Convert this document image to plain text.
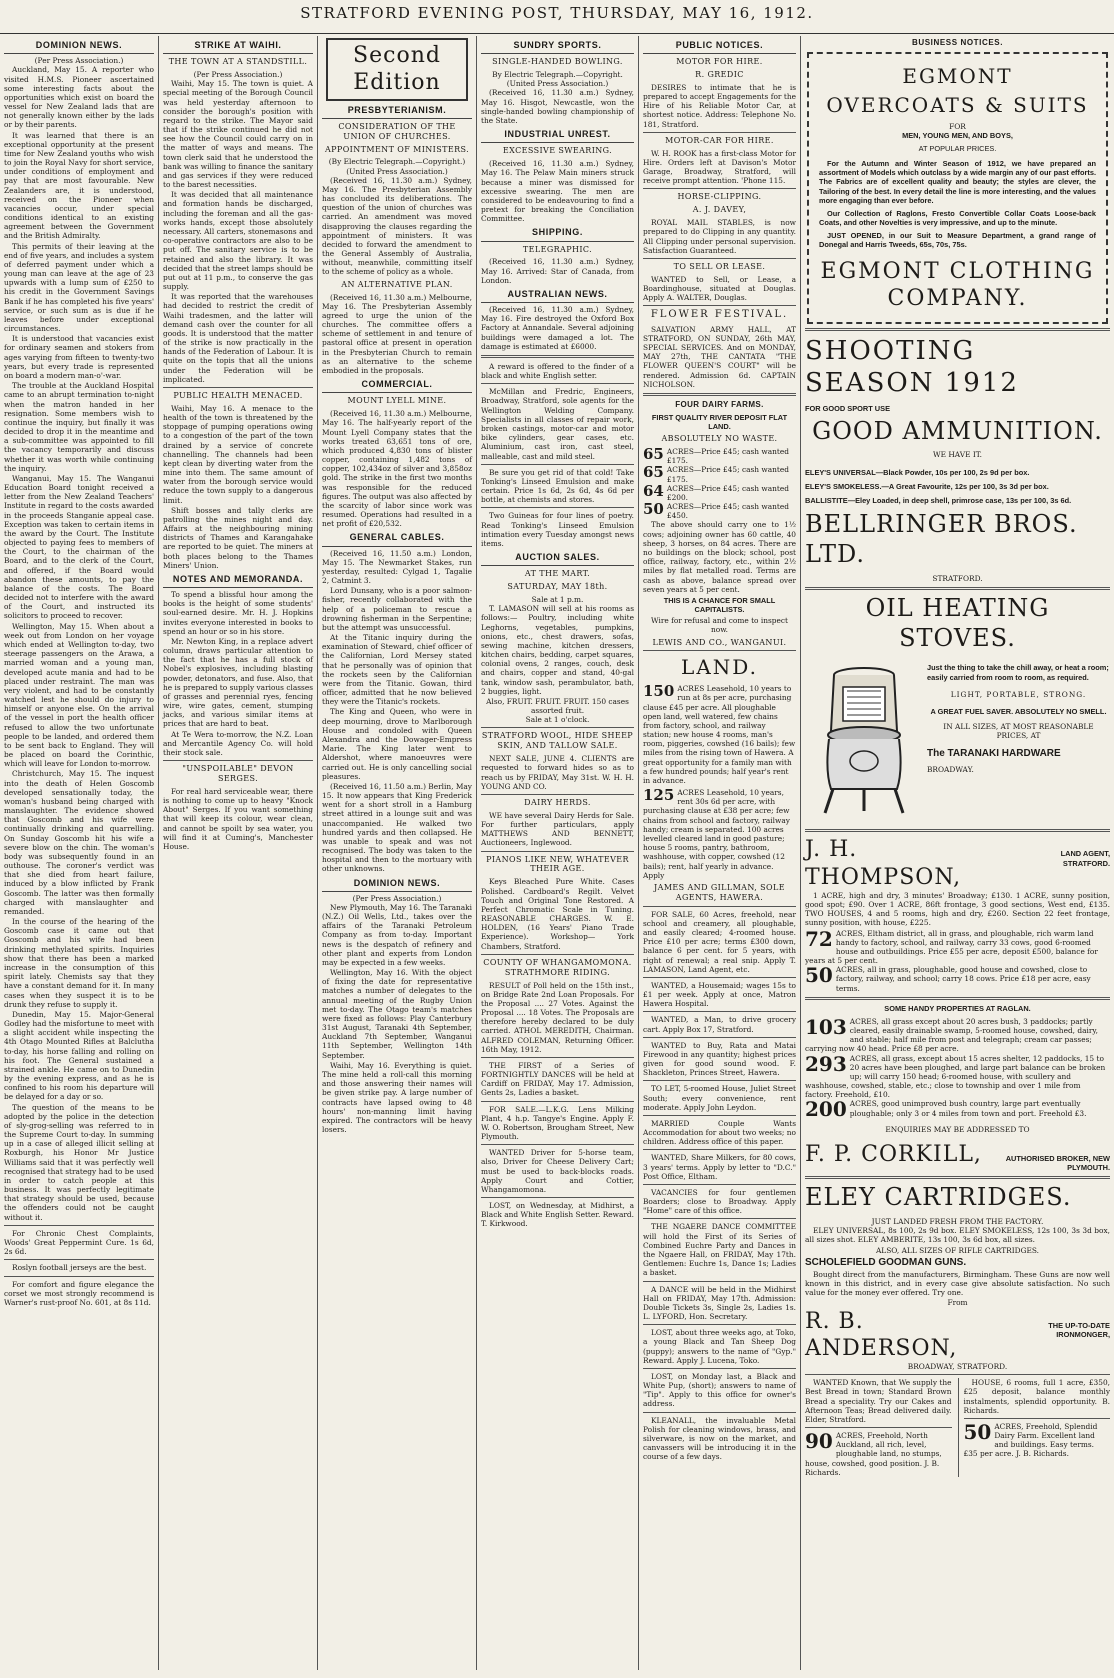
STRATFORD EVENING POST, THURSDAY, MAY 16, 1912.
DOMINION NEWS.
(Per Press Association.)

Auckland, May 15. A reporter who visited H.M.S. Pioneer ascertained some interesting facts about the opportunities which exist on board the vessel for New Zealand lads that are not generally known either by the lads or by their parents.

It was learned that there is an exceptional opportunity at the present time for New Zealand youths who wish to join the Royal Navy for short service, under conditions of employment and pay that are most favourable. New Zealanders are, it is understood, received on the Pioneer when vacancies occur, under special conditions identical to an existing agreement between the Government and the British Admiralty.

This permits of their leaving at the end of five years, and includes a system of deferred payment under which a young man can leave at the age of 23 upwards with a lump sum of £250 to his credit in the Government Savings Bank if he has completed his five years' service, or such sum as is due if he leaves before under exceptional circumstances.

It is understood that vacancies exist for ordinary seamen and stokers from ages varying from fifteen to twenty-two years, but every trade is represented on board a modern man-o'-war.

The trouble at the Auckland Hospital came to an abrupt termination to-night when the matron handed in her resignation. Some members wish to continue the inquiry, but finally it was decided to drop it in the meantime and a sub-committee was appointed to fill the vacancy temporarily and discuss whether it was worth while continuing the inquiry.

Wanganui, May 15. The Wanganui Education Board tonight received a letter from the New Zealand Teachers' Institute in regard to the costs awarded in the proceeds Stanganie appeal case. Exception was taken to certain items in the award by the Court. The Institute objected to paying fees to members of the Court, to the chairman of the Board, and to the clerk of the Court, and offered, if the Board would abandon these amounts, to pay the balance of the costs. The Board decided not to interfere with the award of the Court, and instructed its solicitors to proceed to recover.

Wellington, May 15. When about a week out from London on her voyage which ended at Wellington to-day, two steerage passengers on the Arawa, a married woman and a young man, developed acute mania and had to be placed under restraint. The man was very violent, and had to be constantly watched lest he should do injury to himself or anyone else. On the arrival of the vessel in port the health officer refused to allow the two unfortunate people to be landed, and ordered them to be sent back to England. They will be placed on board the Corinthic, which will leave for London to-morrow.

Christchurch, May 15. The inquest into the death of Helen Goscomb developed sensationally today, the woman's husband being charged with manslaughter. The evidence showed that Goscomb and his wife were continually drinking and quarrelling. On Sunday Goscomb hit his wife a severe blow on the chin. The woman's body was subsequently found in an outhouse. The coroner's verdict was that she died from heart failure, induced by a blow inflicted by Frank Goscomb. The latter was then formally charged with manslaughter and remanded.

In the course of the hearing of the Goscomb case it came out that Goscomb and his wife had been drinking methylated spirits. Inquiries show that there has been a marked increase in the consumption of this spirit lately. Chemists say that they have a constant demand for it. In many cases when they suspect it is to be drunk they refuse to supply it.

Dunedin, May 15. Major-General Godley had the misfortune to meet with a slight accident while inspecting the 4th Otago Mounted Rifles at Balclutha to-day, his horse falling and rolling on his foot. The General sustained a strained ankle. He came on to Dunedin by the evening express, and as he is confined to his room his departure will be delayed for a day or so.

The question of the means to be adopted by the police in the detection of sly-grog-selling was referred to in the Supreme Court to-day. In summing up in a case of alleged illicit selling at Roxburgh, his Honor Mr Justice Williams said that it was perfectly well recognised that strategy had to be used in order to catch people at this business. It was perfectly legitimate that strategy should be used, because the offenders could not be caught without it.

For Chronic Chest Complaints, Woods' Great Peppermint Cure. 1s 6d, 2s 6d.

Roslyn football jerseys are the best.

For comfort and figure elegance the corset we most strongly recommend is Warner's rust-proof No. 601, at 8s 11d.

STRIKE AT WAIHI.
THE TOWN AT A STANDSTILL.
(Per Press Association.)

Waihi, May 15. The town is quiet. A special meeting of the Borough Council was held yesterday afternoon to consider the borough's position with regard to the strike. The Mayor said that if the strike continued he did not see how the Council could carry on in the matter of ways and means. The town clerk said that he understood the bank was willing to finance the sanitary and gas services if they were reduced to the barest necessities.

It was decided that all maintenance and formation hands be discharged, including the foreman and all the gas-works hands, except those absolutely necessary. All carters, stonemasons and co-operative contractors are also to be put off. The sanitary service is to be retained and also the library. It was decided that the street lamps should be put out at 11 p.m., to conserve the gas supply.

It was reported that the warehouses had decided to restrict the credit of Waihi tradesmen, and the latter will demand cash over the counter for all goods. It is understood that the matter of the strike is now practically in the hands of the Federation of Labour. It is quite on the topis that all the unions under the Federation will be implicated.

PUBLIC HEALTH MENACED.

Waihi, May 16. A menace to the health of the town is threatened by the stoppage of pumping operations owing to a congestion of the part of the town drained by a service of concrete channelling. The channels had been kept clean by diverting water from the mine into them. The same amount of water from the borough service would reduce the town supply to a dangerous limit.

Shift bosses and tally clerks are patrolling the mines night and day. Affairs at the neighbouring mining districts of Thames and Karangahake are reported to be quiet. The miners at both places belong to the Thames Miners' Union.

NOTES AND MEMORANDA.

To spend a blissful hour among the books is the height of some students' soul-earned desire. Mr. H. J. Hopkins invites everyone interested in books to spend an hour or so in his store.

Mr. Newton King, in a replace advert column, draws particular attention to the fact that he has a full stock of Nobel's explosives, including blasting powder, detonators, and fuse. Also, that he is prepared to supply various classes of grasses and perennial ryes, fencing wire, wire gates, cement, stumping jacks, and various similar items at prices that are hard to beat.

At Te Wera to-morrow, the N.Z. Loan and Mercantile Agency Co. will hold their stock sale.

"UNSPOILABLE" DEVON SERGES.

For real hard serviceable wear, there is nothing to come up to heavy "Knock About" Serges. If you want something that will keep its colour, wear clean, and cannot be spoilt by sea water, you will find it at Cuming's, Manchester House.

Second Edition
PRESBYTERIANISM.
CONSIDERATION OF THE UNION OF CHURCHES.
APPOINTMENT OF MINISTERS.
(By Electric Telegraph.—Copyright.) (United Press Association.)

(Received 16, 11.30 a.m.) Sydney, May 16. The Presbyterian Assembly has concluded its deliberations. The question of the union of churches was carried. An amendment was moved disapproving the clauses regarding the appointment of ministers. It was decided to forward the amendment to the General Assembly of Australia, without, meanwhile, committing itself to the scheme of policy as a whole.

AN ALTERNATIVE PLAN.

(Received 16, 11.30 a.m.) Melbourne, May 16. The Presbyterian Assembly agreed to urge the union of the churches. The committee offers a scheme of settlement in and tenure of pastoral office at present in operation in the Presbyterian Church to remain as an alternative to the scheme embodied in the proposals.

COMMERCIAL.
MOUNT LYELL MINE.

(Received 16, 11.30 a.m.) Melbourne, May 16. The half-yearly report of the Mount Lyell Company states that the works treated 63,651 tons of ore, which produced 4,830 tons of blister copper, containing 1,482 tons of copper, 102,434oz of silver and 3,858oz gold. The strike in the first two months was responsible for the reduced figures. The output was also affected by the scarcity of labor since work was resumed. Operations had resulted in a net profit of £20,532.

GENERAL CABLES.

(Received 16, 11.50 a.m.) London, May 15. The Newmarket Stakes, run yesterday, resulted: Cylgad 1, Tagalie 2, Catmint 3.

Lord Dunsany, who is a poor salmon-fisher, recently collaborated with the help of a policeman to rescue a drowning fisherman in the Serpentine; but the attempt was unsuccessful.

At the Titanic inquiry during the examination of Steward, chief officer of the Californian, Lord Mersey stated that he personally was of opinion that the rockets seen by the Californian were from the Titanic. Gowan, third officer, admitted that he now believed they were the Titanic's rockets.

The King and Queen, who were in deep mourning, drove to Marlborough House and condoled with Queen Alexandra and the Dowager-Empress Marie. The King later went to Aldershot, where manoeuvres were carried out. He is only cancelling social pleasures.

(Received 16, 11.50 a.m.) Berlin, May 15. It now appears that King Frederick went for a short stroll in a Hamburg street attired in a lounge suit and was unaccompanied. He walked two hundred yards and then collapsed. He was unable to speak and was not recognised. The body was taken to the hospital and then to the mortuary with other unknowns.

DOMINION NEWS.
(Per Press Association.)

New Plymouth, May 16. The Taranaki (N.Z.) Oil Wells, Ltd., takes over the affairs of the Taranaki Petroleum Company as from to-day. Important news is the despatch of refinery and other plant and experts from London may be expected in a few weeks.

Wellington, May 16. With the object of fixing the date for representative matches a number of delegates to the annual meeting of the Rugby Union met to-day. The Otago team's matches were fixed as follows: Play Canterbury 31st August, Taranaki 4th September, Auckland 7th September, Wanganui 11th September, Wellington 14th September.

Waihi, May 16. Everything is quiet. The mine held a roll-call this morning and those answering their names will be given strike pay. A large number of contracts have lapsed owing to 48 hours' non-manning limit having expired. The contractors will be heavy losers.

SUNDRY SPORTS.
SINGLE-HANDED BOWLING.
By Electric Telegraph.—Copyright. (United Press Association.)

(Received 16, 11.30 a.m.) Sydney, May 16. Hisgot, Newcastle, won the single-handed bowling championship of the State.

INDUSTRIAL UNREST.
EXCESSIVE SWEARING.

(Received 16, 11.30 a.m.) Sydney, May 16. The Pelaw Main miners struck because a miner was dismissed for excessive swearing. The men are considered to be endeavouring to find a pretext for breaking the Conciliation Committee.

SHIPPING.
TELEGRAPHIC.

(Received 16, 11.30 a.m.) Sydney, May 16. Arrived: Star of Canada, from London.

AUSTRALIAN NEWS.

(Received 16, 11.30 a.m.) Sydney, May 16. Fire destroyed the Oxford Box Factory at Annandale. Several adjoining buildings were damaged a lot. The damage is estimated at £6000.

A reward is offered to the finder of a black and white English setter.

McMillan and Fredric, Engineers, Broadway, Stratford, sole agents for the Wellington Welding Company. Specialists in all classes of repair work, broken castings, motor-car and motor bike cylinders, gear cases, etc. Aluminium, cast iron, cast steel, malleable, cast and mild steel.

Be sure you get rid of that cold! Take Tonking's Linseed Emulsion and make certain. Price 1s 6d, 2s 6d, 4s 6d per bottle, at chemists and stores.

Two Guineas for four lines of poetry. Read Tonking's Linseed Emulsion intimation every Tuesday amongst news items.

AUCTION SALES.
AT THE MART.
SATURDAY, MAY 18th.
Sale at 1 p.m.

T. LAMASON will sell at his rooms as follows:— Poultry, including white Leghorns, vegetables, pumpkins, onions, etc., chest drawers, sofas, sewing machine, kitchen dressers, kitchen chairs, bedding, carpet squares, colonial ovens, 2 ranges, couch, desk and chairs, copper and stand, 40-gal tank, window sash, perambulator, bath, 2 buggies, light.

Also, FRUIT. FRUIT. FRUIT. 150 cases assorted fruit.
Sale at 1 o'clock.
STRATFORD WOOL, HIDE SHEEP SKIN, AND TALLOW SALE.

NEXT SALE, JUNE 4. CLIENTS are requested to forward hides so as to reach us by FRIDAY, May 31st. W. H. H. YOUNG AND CO.

DAIRY HERDS.

WE have several Dairy Herds for Sale. For further particulars, apply MATTHEWS AND BENNETT, Auctioneers, Inglewood.

PIANOS LIKE NEW, WHATEVER THEIR AGE.

Keys Bleached Pure White. Cases Polished. Cardboard's Regilt. Velvet Touch and Original Tone Restored. A Perfect Chromatic Scale in Tuning. REASONABLE CHARGES. W. E. HOLDEN, (16 Years' Piano Trade Experience). Workshop— York Chambers, Stratford.

COUNTY OF WHANGAMOMONA. STRATHMORE RIDING.

RESULT of Poll held on the 15th inst., on Bridge Rate 2nd Loan Proposals. For the Proposal .... 27 Votes. Against the Proposal .... 18 Votes. The Proposals are therefore hereby declared to be duly carried. ATHOL MEREDITH, Chairman. ALFRED COLEMAN, Returning Officer. 16th May, 1912.

THE FIRST of a Series of FORTNIGHTLY DANCES will be held at Cardiff on FRIDAY, May 17. Admission, Gents 2s, Ladies a basket.

FOR SALE.—L.K.G. Lens Milking Plant, 4 h.p. Tangye's Engine. Apply F. W. O. Robertson, Brougham Street, New Plymouth.

WANTED Driver for 5-horse team, also, Driver for Cheese Delivery Cart; must be used to back-blocks roads. Apply Court and Cottier, Whangamomona.

LOST, on Wednesday, at Midhirst, a Black and White English Setter. Reward. T. Kirkwood.

PUBLIC NOTICES.
MOTOR FOR HIRE.
R. GREDIC

DESIRES to intimate that he is prepared to accept Engagements for the Hire of his Reliable Motor Car, at shortest notice. Address: Telephone No. 181, Stratford.

MOTOR-CAR FOR HIRE.

W. H. ROOK has a first-class Motor for Hire. Orders left at Davison's Motor Garage, Broadway, Stratford, will receive prompt attention. 'Phone 115.

HORSE-CLIPPING.
A. J. DAVEY,

ROYAL MAIL STABLES, is now prepared to do Clipping in any quantity. All Clipping under personal supervision. Satisfaction Guaranteed.

TO SELL OR LEASE.

WANTED to Sell, or Lease, a Boardinghouse, situated at Douglas. Apply A. WALTER, Douglas.

FLOWER FESTIVAL.

SALVATION ARMY HALL, AT STRATFORD, ON SUNDAY, 26th MAY, SPECIAL SERVICES. And on MONDAY, MAY 27th, THE CANTATA "THE FLOWER QUEEN'S COURT" will be rendered. Admission 6d. CAPTAIN NICHOLSON.

FOUR DAIRY FARMS.
FIRST QUALITY RIVER DEPOSIT FLAT LAND.
ABSOLUTELY NO WASTE.
65 ACRES—Price £45; cash wanted £175.
65 ACRES—Price £45; cash wanted £175.
64 ACRES—Price £45; cash wanted £200.
50 ACRES—Price £45; cash wanted £450.

The above should carry one to 1½ cows; adjoining owner has 60 cattle, 40 sheep, 3 horses, on 84 acres. There are no buildings on the block; school, post office, railway, factory, etc., within 2½ miles by flat metalled road. Terms are cash as above, balance spread over seven years at 5 per cent.

THIS IS A CHANCE FOR SMALL CAPITALISTS.
Wire for refusal and come to inspect now.
LEWIS AND CO., WANGANUI.
LAND.
150 ACRES Leasehold, 10 years to run at 8s per acre, purchasing clause £45 per acre. All ploughable open land, well watered, few chains from factory, school, and railway station; new house 4 rooms, man's room, piggeries, cowshed (16 bails); few miles from the rising town of Hawera. A great opportunity for a family man with a few hundred pounds; half year's rent in advance.
125 ACRES Leasehold, 10 years, rent 30s 6d per acre, with purchasing clause at £38 per acre; few chains from school and factory, railway handy; cream is separated. 100 acres levelled cleared land in good pasture; house 5 rooms, pantry, bathroom, washhouse, with copper, cowshed (12 bails); rent, half yearly in advance. Apply
JAMES AND GILLMAN, SOLE AGENTS, HAWERA.

FOR SALE, 60 Acres, freehold, near school and creamery, all ploughable, and easily cleared; 4-roomed house. Price £10 per acre; terms £300 down, balance 6 per cent. for 5 years, with right of renewal; a real snip. Apply T. LAMASON, Land Agent, etc.

WANTED, a Housemaid; wages 15s to £1 per week. Apply at once, Matron Hawera Hospital.

WANTED, a Man, to drive grocery cart. Apply Box 17, Stratford.

WANTED to Buy, Rata and Matai Firewood in any quantity; highest prices given for good sound wood. F. Shackleton, Princes Street, Hawera.

TO LET, 5-roomed House, Juliet Street South; every convenience, rent moderate. Apply John Leydon.

MARRIED Couple Wants Accommodation for about two weeks; no children. Address office of this paper.

WANTED, Share Milkers, for 80 cows, 3 years' terms. Apply by letter to "D.C." Post Office, Eltham.

VACANCIES for four gentlemen Boarders; close to Broadway. Apply "Home" care of this office.

THE NGAERE DANCE COMMITTEE will hold the First of its Series of Combined Euchre Party and Dances in the Ngaere Hall, on FRIDAY, May 17th. Gentlemen: Euchre 1s, Dance 1s; Ladies a basket.

A DANCE will be held in the Midhirst Hall on FRIDAY, May 17th. Admission: Double Tickets 3s, Single 2s, Ladies 1s. L. LYFORD, Hon. Secretary.

LOST, about three weeks ago, at Toko, a young Black and Tan Sheep Dog (puppy); answers to the name of "Gyp." Reward. Apply J. Lucena, Toko.

LOST, on Monday last, a Black and White Pup, (short); answers to name of "Tip". Apply to this office for owner's address.

KLEANALL, the invaluable Metal Polish for cleaning windows, brass, and silverware, is now on the market, and canvassers will be introducing it in the course of a few days.

BUSINESS NOTICES.
EGMONT
OVERCOATS & SUITS
FOR
MEN, YOUNG MEN, AND BOYS,
AT POPULAR PRICES.

For the Autumn and Winter Season of 1912, we have prepared an assortment of Models which outclass by a wide margin any of our past efforts. The Fabrics are of excellent quality and beauty; the styles are clever, the Tailoring of the best. In every detail the line is more interesting, and the values more engaging than ever before.

Our Collection of Raglons, Fresto Convertible Collar Coats Loose-back Coats, and other Novelties is very impressive, and up to the minute.

JUST OPENED, in our Suit to Measure Department, a grand range of Donegal and Harris Tweeds, 65s, 70s, 75s.

EGMONT CLOTHING COMPANY.
SHOOTING SEASON 1912
FOR GOOD SPORT USE
GOOD AMMUNITION.
WE HAVE IT.
ELEY'S UNIVERSAL—Black Powder, 10s per 100, 2s 9d per box.
ELEY'S SMOKELESS.—A Great Favourite, 12s per 100, 3s 3d per box.
BALLISTITE—Eley Loaded, in deep shell, primrose case, 13s per 100, 3s 6d.
BELLRINGER BROS. LTD.
STRATFORD.
OIL HEATING STOVES.
Just the thing to take the chill away, or heat a room; easily carried from room to room, as required.
LIGHT, PORTABLE, STRONG.
A GREAT FUEL SAVER. ABSOLUTELY NO SMELL.
IN ALL SIZES, AT MOST REASONABLE PRICES, AT
The TARANAKI HARDWARE
BROADWAY.
J. H. THOMPSON,
LAND AGENT, STRATFORD.

1 ACRE, high and dry, 3 minutes' Broadway; £130. 1 ACRE, sunny position, good spot; £90. Over 1 ACRE, 86ft frontage, 3 good sections, West end, £135. TWO HOUSES, 4 and 5 rooms, high and dry, £260. Section 22 feet frontage, sunny position, with house, £225.

72 ACRES, Eltham district, all in grass, and ploughable, rich warm land handy to factory, school, and railway, carry 33 cows, good 6-roomed house and outbuildings. Price £55 per acre, deposit £500, balance for years at 5 per cent.
50 ACRES, all in grass, ploughable, good house and cowshed, close to factory, railway, and school; carry 18 cows. Price £18 per acre, easy terms.
SOME HANDY PROPERTIES AT RAGLAN.
103 ACRES, all grass except about 20 acres bush, 3 paddocks; partly cleared, easily drainable swamp, 5-roomed house, cowshed, dairy, and stable; half mile from post and telegraph; cream car passes; carrying now 40 head. Price £8 per acre.
293 ACRES, all grass, except about 15 acres shelter, 12 paddocks, 15 to 20 acres have been ploughed, and large part balance can be broken up; will carry 150 head; 6-roomed house, with scullery and washhouse, cowshed, stable, etc.; close to township and over 1 mile from factory. Freehold, £10.
200 ACRES, good unimproved bush country, large part eventually ploughable; only 3 or 4 miles from town and port. Freehold £3.
ENQUIRIES MAY BE ADDRESSED TO
F. P. CORKILL,	AUTHORISED BROKER, NEW PLYMOUTH.
ELEY CARTRIDGES.
JUST LANDED FRESH FROM THE FACTORY.

ELEY UNIVERSAL, 8s 100, 2s 9d box. ELEY SMOKELESS, 12s 100, 3s 3d box, all sizes shot. ELEY AMBERITE, 13s 100, 3s 6d box, all sizes.

ALSO, ALL SIZES OF RIFLE CARTRIDGES.
SCHOLEFIELD GOODMAN GUNS.

Bought direct from the manufacturers, Birmingham. These Guns are now well known in this district, and in every case give absolute satisfaction. No such value for the money ever offered. Try one.

From
R. B. ANDERSON,
THE UP-TO-DATE IRONMONGER,
BROADWAY, STRATFORD.

WANTED Known, that We supply the Best Bread in town; Standard Brown Bread a speciality. Try our Cakes and Afternoon Teas; Bread delivered daily. Elder, Stratford.

90 ACRES, Freehold, North Auckland, all rich, level, ploughable land, no stumps, house, cowshed, good position. J. B. Richards.

HOUSE, 6 rooms, full 1 acre, £350, £25 deposit, balance monthly instalments, splendid opportunity. B. Richards.

50 ACRES, Freehold, Splendid Dairy Farm. Excellent land and buildings. Easy terms. £35 per acre. J. B. Richards.
